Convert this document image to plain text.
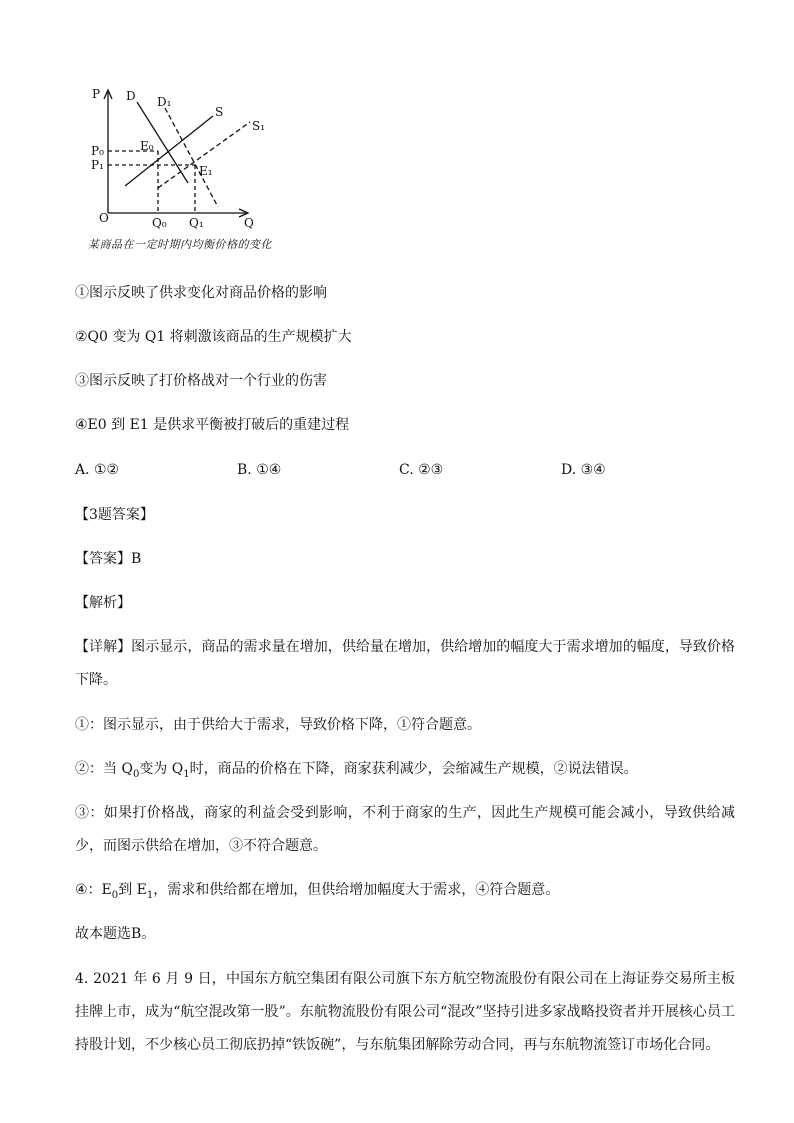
P
Q
O
D D₁
S
S₁
P₀
P₁
E₀
E₁
Q₀ Q₁
某商品在一定时期内均衡价格的变化
①图示反映了供求变化对商品价格的影响
②Q0 变为 Q1 将刺激该商品的生产规模扩大
③图示反映了打价格战对一个行业的伤害
④E0 到 E1 是供求平衡被打破后的重建过程
A. ①②	B. ①④	C. ②③	D. ③④
【3题答案】
【答案】B
【解析】
【详解】图示显示，商品的需求量在增加，供给量在增加，供给增加的幅度大于需求增加的幅度，导致价格下降。
①：图示显示，由于供给大于需求，导致价格下降，①符合题意。
②：当 $Q_0$变为 $Q_1$时，商品的价格在下降，商家获利减少，会缩减生产规模，②说法错误。
③：如果打价格战，商家的利益会受到影响，不利于商家的生产，因此生产规模可能会减小，导致供给减少，而图示供给在增加，③不符合题意。
④：$E_0$到 $E_1$，需求和供给都在增加，但供给增加幅度大于需求，④符合题意。
故本题选B。
4. 2021 年 6 月 9 日，中国东方航空集团有限公司旗下东方航空物流股份有限公司在上海证券交易所主板挂牌上市，成为“航空混改第一股”。东航物流股份有限公司“混改”坚持引进多家战略投资者并开展核心员工持股计划，不少核心员工彻底扔掉“铁饭碗”，与东航集团解除劳动合同，再与东航物流签订市场化合同。
